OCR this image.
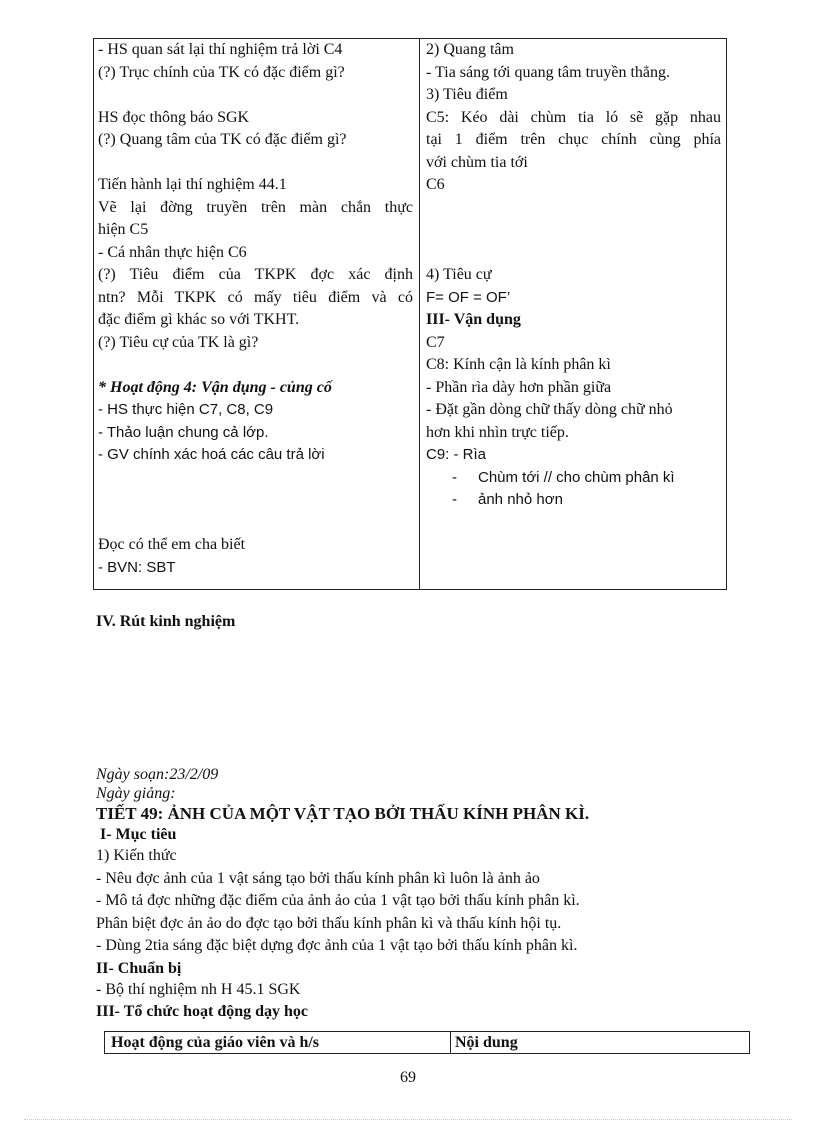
- HS quan sát lại thí nghiệm trả lời C4
(?) Trục chính của TK có đặc điểm gì?
HS đọc thông báo SGK
(?) Quang tâm của TK có đặc điểm gì?
Tiến hành lại thí nghiệm 44.1
Vẽ lại đờng truyền trên màn chắn thực
hiện C5
- Cá nhân thực hiện C6
(?) Tiêu điểm của TKPK đợc xác định
ntn? Mỗi TKPK có mấy tiêu điểm và có
đặc điểm gì khác so với TKHT.
(?) Tiêu cự của TK là gì?
* Hoạt động 4: Vận dụng - củng cố
- HS thực hiện C7, C8, C9
- Thảo luận chung cả lớp.
- GV chính xác hoá các câu trả lời
Đọc có thể em cha biết
- BVN: SBT
2) Quang tâm
- Tia sáng tới quang tâm truyền thẳng.
3) Tiêu điểm
C5: Kéo dài chùm tia ló sẽ gặp nhau
tại 1 điểm trên chục chính cùng phía
với chùm tia tới
C6
4) Tiêu cự
F= OF = OF’
III- Vận dụng
C7
C8: Kính cận là kính phân kì
- Phần rìa dày hơn phần giữa
- Đặt gần dòng chữ thấy dòng chữ nhỏ
hơn khi nhìn trực tiếp.
C9: - Rìa
- Chùm tới // cho chùm phân kì
- ảnh nhỏ hơn
IV. Rút kinh nghiệm
Ngày soạn:23/2/09
Ngày giảng:
TIẾT 49: ẢNH CỦA MỘT VẬT TẠO BỞI THẤU KÍNH PHÂN KÌ.
I- Mục tiêu
1) Kiến thức
- Nêu đợc ảnh của 1 vật sáng tạo bởi thấu kính phân kì luôn là ảnh ảo
- Mô tả đợc những đặc điểm của ảnh ảo của 1 vật tạo bởi thấu kính phân kì.
Phân biệt đợc ản ảo do đợc tạo bởi thấu kính phân kì và thấu kính hội tụ.
- Dùng 2tia sáng đặc biệt dựng đợc ảnh của 1 vật tạo bởi thấu kính phân kì.
II- Chuẩn bị
- Bộ thí nghiệm nh H 45.1 SGK
III- Tổ chức hoạt động dạy học
Hoạt động của giáo viên và h/s	Nội dung
69
